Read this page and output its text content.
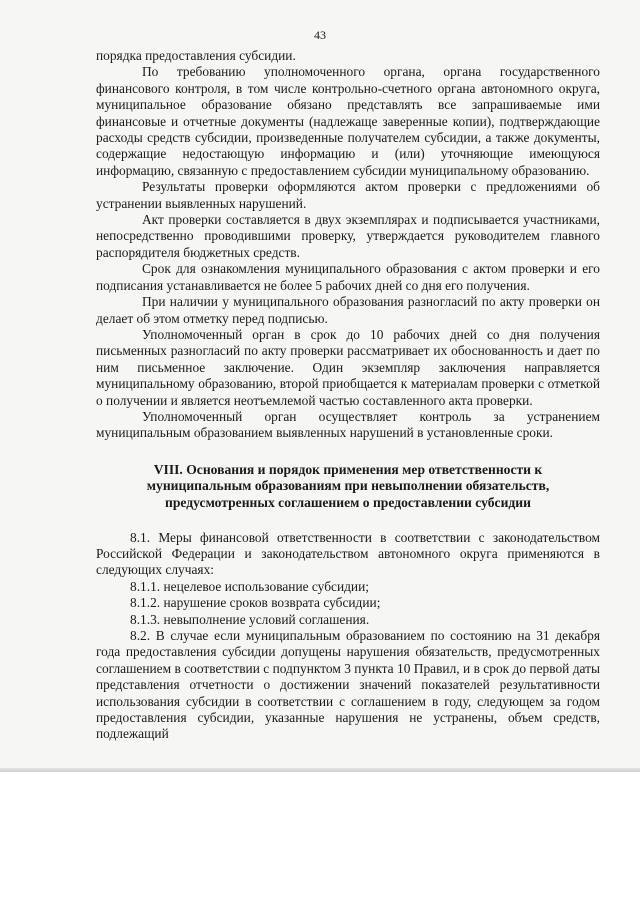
43

порядка предоставления субсидии.

По требованию уполномоченного органа, органа государственного финансового контроля, в том числе контрольно-счетного органа автономного округа, муниципальное образование обязано представлять все запрашиваемые ими финансовые и отчетные документы (надлежаще заверенные копии), подтверждающие расходы средств субсидии, произведенные получателем субсидии, а также документы, содержащие недостающую информацию и (или) уточняющие имеющуюся информацию, связанную с предоставлением субсидии муниципальному образованию.

Результаты проверки оформляются актом проверки с предложениями об устранении выявленных нарушений.

Акт проверки составляется в двух экземплярах и подписывается участниками, непосредственно проводившими проверку, утверждается руководителем главного распорядителя бюджетных средств.

Срок для ознакомления муниципального образования с актом проверки и его подписания устанавливается не более 5 рабочих дней со дня его получения.

При наличии у муниципального образования разногласий по акту проверки он делает об этом отметку перед подписью.

Уполномоченный орган в срок до 10 рабочих дней со дня получения письменных разногласий по акту проверки рассматривает их обоснованность и дает по ним письменное заключение. Один экземпляр заключения направляется муниципальному образованию, второй приобщается к материалам проверки с отметкой о получении и является неотъемлемой частью составленного акта проверки.

Уполномоченный орган осуществляет контроль за устранением муниципальным образованием выявленных нарушений в установленные сроки.

VIII. Основания и порядок применения мер ответственности к
муниципальным образованиям при невыполнении обязательств,
предусмотренных соглашением о предоставлении субсидии

8.1. Меры финансовой ответственности в соответствии с законодательством Российской Федерации и законодательством автономного округа применяются в следующих случаях:

8.1.1. нецелевое использование субсидии;

8.1.2. нарушение сроков возврата субсидии;

8.1.3. невыполнение условий соглашения.

8.2. В случае если муниципальным образованием по состоянию на 31 декабря года предоставления субсидии допущены нарушения обязательств, предусмотренных соглашением в соответствии с подпунктом 3 пункта 10 Правил, и в срок до первой даты представления отчетности о достижении значений показателей результативности использования субсидии в соответствии с соглашением в году, следующем за годом предоставления субсидии, указанные нарушения не устранены, объем средств, подлежащий
